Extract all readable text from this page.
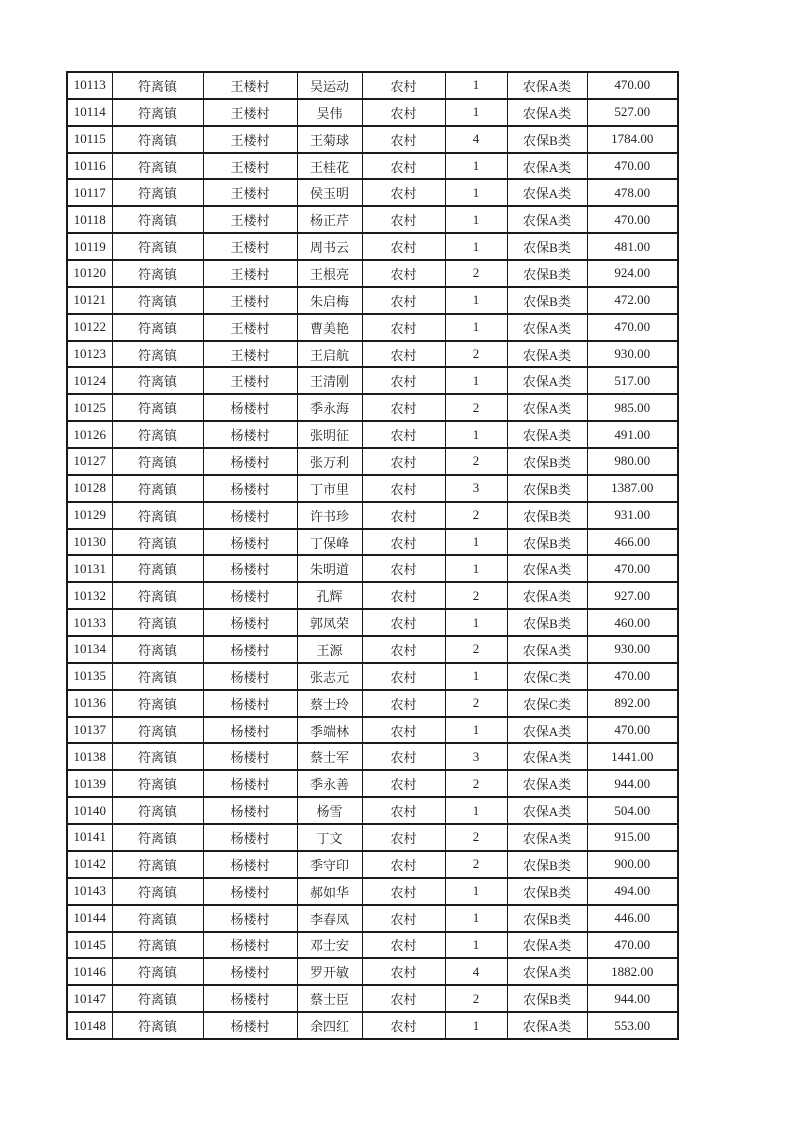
10113	符离镇	王楼村	吴运动	农村	1	农保A类	470.00
10114	符离镇	王楼村	吴伟	农村	1	农保A类	527.00
10115	符离镇	王楼村	王菊球	农村	4	农保B类	1784.00
10116	符离镇	王楼村	王桂花	农村	1	农保A类	470.00
10117	符离镇	王楼村	侯玉明	农村	1	农保A类	478.00
10118	符离镇	王楼村	杨正芹	农村	1	农保A类	470.00
10119	符离镇	王楼村	周书云	农村	1	农保B类	481.00
10120	符离镇	王楼村	王根亮	农村	2	农保B类	924.00
10121	符离镇	王楼村	朱启梅	农村	1	农保B类	472.00
10122	符离镇	王楼村	曹美艳	农村	1	农保A类	470.00
10123	符离镇	王楼村	王启航	农村	2	农保A类	930.00
10124	符离镇	王楼村	王清刚	农村	1	农保A类	517.00
10125	符离镇	杨楼村	季永海	农村	2	农保A类	985.00
10126	符离镇	杨楼村	张明征	农村	1	农保A类	491.00
10127	符离镇	杨楼村	张万利	农村	2	农保B类	980.00
10128	符离镇	杨楼村	丁市里	农村	3	农保B类	1387.00
10129	符离镇	杨楼村	许书珍	农村	2	农保B类	931.00
10130	符离镇	杨楼村	丁保峰	农村	1	农保B类	466.00
10131	符离镇	杨楼村	朱明道	农村	1	农保A类	470.00
10132	符离镇	杨楼村	孔辉	农村	2	农保A类	927.00
10133	符离镇	杨楼村	郭凤荣	农村	1	农保B类	460.00
10134	符离镇	杨楼村	王源	农村	2	农保A类	930.00
10135	符离镇	杨楼村	张志元	农村	1	农保C类	470.00
10136	符离镇	杨楼村	蔡士玲	农村	2	农保C类	892.00
10137	符离镇	杨楼村	季端林	农村	1	农保A类	470.00
10138	符离镇	杨楼村	蔡士军	农村	3	农保A类	1441.00
10139	符离镇	杨楼村	季永善	农村	2	农保A类	944.00
10140	符离镇	杨楼村	杨雪	农村	1	农保A类	504.00
10141	符离镇	杨楼村	丁文	农村	2	农保A类	915.00
10142	符离镇	杨楼村	季守印	农村	2	农保B类	900.00
10143	符离镇	杨楼村	郝如华	农村	1	农保B类	494.00
10144	符离镇	杨楼村	李春凤	农村	1	农保B类	446.00
10145	符离镇	杨楼村	邓士安	农村	1	农保A类	470.00
10146	符离镇	杨楼村	罗开敏	农村	4	农保A类	1882.00
10147	符离镇	杨楼村	蔡士臣	农村	2	农保B类	944.00
10148	符离镇	杨楼村	余四红	农村	1	农保A类	553.00
